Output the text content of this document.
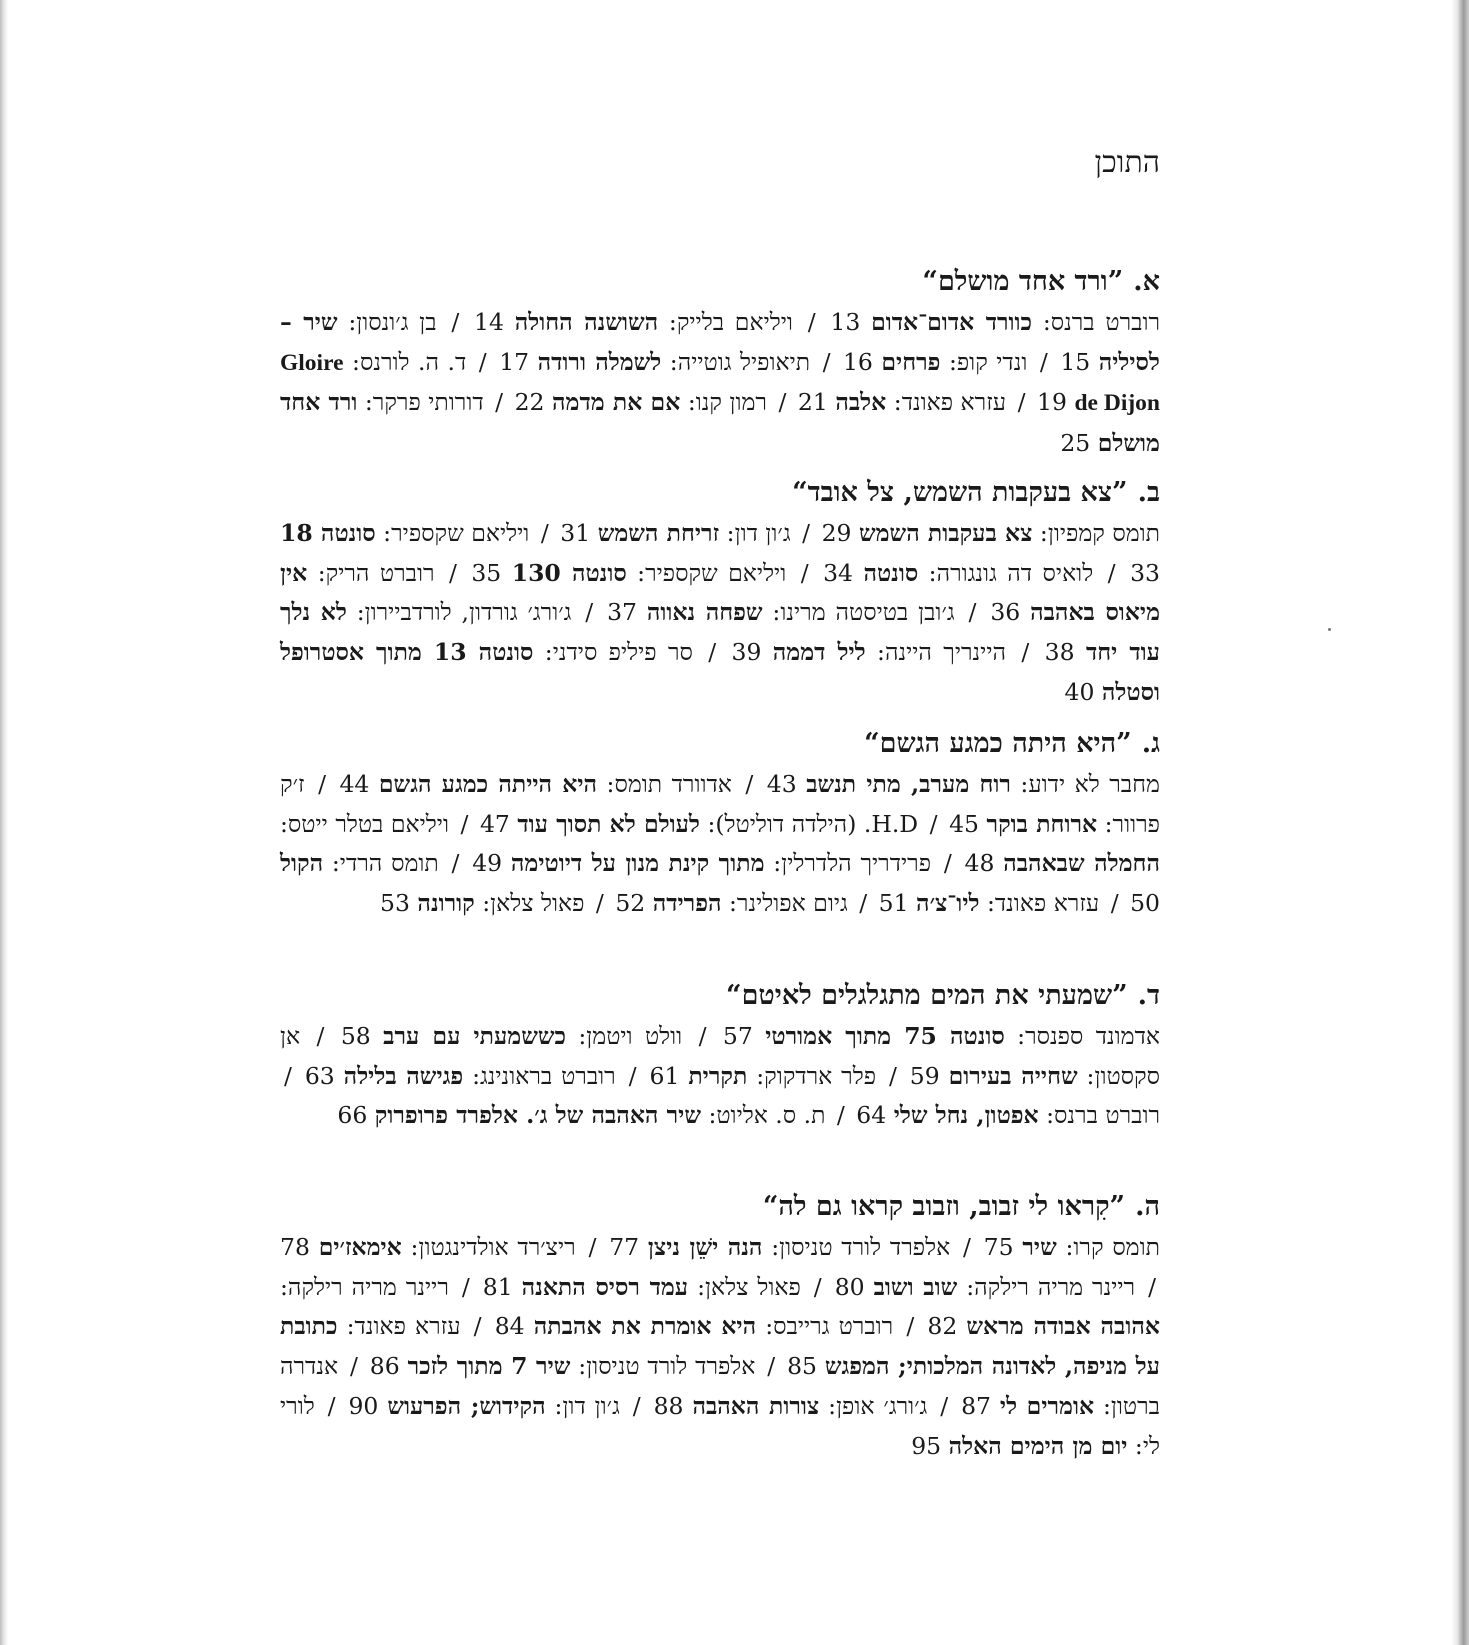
התוכן
א.”ורד אחד מושלם“

רוברט ברנס: כוורד אדום־אדום 13 / ויליאם בלייק: השושנה החולה 14 / בן ג׳ונסון: שיר – לסיליה 15 / ונדי קופ: פרחים 16 / תיאופיל גוטייה: לשמלה ורודה 17 / ד. ה. לורנס: Gloire de Dijon 19 / עזרא פאונד: אלבה 21 / רמון קנו: אם את מדמה 22 / דורותי פרקר: ורד אחד מושלם 25

ב.”צא בעקבות השמש, צל אובד“

תומס קמפיון: צא בעקבות השמש 29 / ג׳ון דון: זריחת השמש 31 / ויליאם שקספיר: סונטה 18 33 / לואיס דה גונגורה: סונטה 34 / ויליאם שקספיר: סונטה 130 35 / רוברט הריק: אין מיאוס באהבה 36 / ג׳ובן בטיסטה מרינו: שפחה נאווה 37 / ג׳ורג׳ גורדון, לורדביירון: לא נלך עוד יחד 38 / היינריך היינה: ליל דממה 39 / סר פיליפ סידני: סונטה 13 מתוך אסטרופל וסטלה 40

ג.”היא היתה כמגע הגשם“

מחבר לא ידוע: רוח מערב, מתי תנשב 43 / אדוורד תומס: היא הייתה כמגע הגשם 44 / ז׳ק פרוור: ארוחת בוקר 45 / H.D. (הילדה דוליטל): לעולם לא תסוך עוד 47 / ויליאם בטלר ייטס: החמלה שבאהבה 48 / פרידריך הלדרלין: מתוך קינת מנון על דיוטימה 49 / תומס הרדי: הקול 50 / עזרא פאונד: ליו־צ׳ה 51 / גיום אפולינר: הפרידה 52 / פאול צלאן: קורונה 53

ד.”שמעתי את המים מתגלגלים לאיטם“

אדמונד ספנסר: סונטה 75 מתוך אמורטי 57 / וולט ויטמן: כששמעתי עם ערב 58 / אן סקסטון: שחייה בעירום 59 / פלר ארדקוק: תקרית 61 / רוברט בראונינג: פגישה בלילה 63 / רוברט ברנס: אפטון, נחל שלי 64 / ת. ס. אליוט: שיר האהבה של ג׳. אלפרד פרופרוק 66

ה.”קִראו לי זבוב, וזבוב קראו גם לה“

תומס קרו: שיר 75 / אלפרד לורד טניסון: הנה ישֵׁן ניצן 77 / ריצ׳רד אולדינגטון: אימאז׳ים 78 / ריינר מריה רילקה: שוב ושוב 80 / פאול צלאן: עמד רסיס התאנה 81 / ריינר מריה רילקה: אהובה אבודה מראש 82 / רוברט גרייבס: היא אומרת את אהבתה 84 / עזרא פאונד: כתובת על מניפה, לאדונה המלכותי; המפגש 85 / אלפרד לורד טניסון: שיר 7 מתוך לזכר 86 / אנדרה ברטון: אומרים לי 87 / ג׳ורג׳ אופן: צורות האהבה 88 / ג׳ון דון: הקידוש; הפרעוש 90 / לורי לי: יום מן הימים האלה 95
